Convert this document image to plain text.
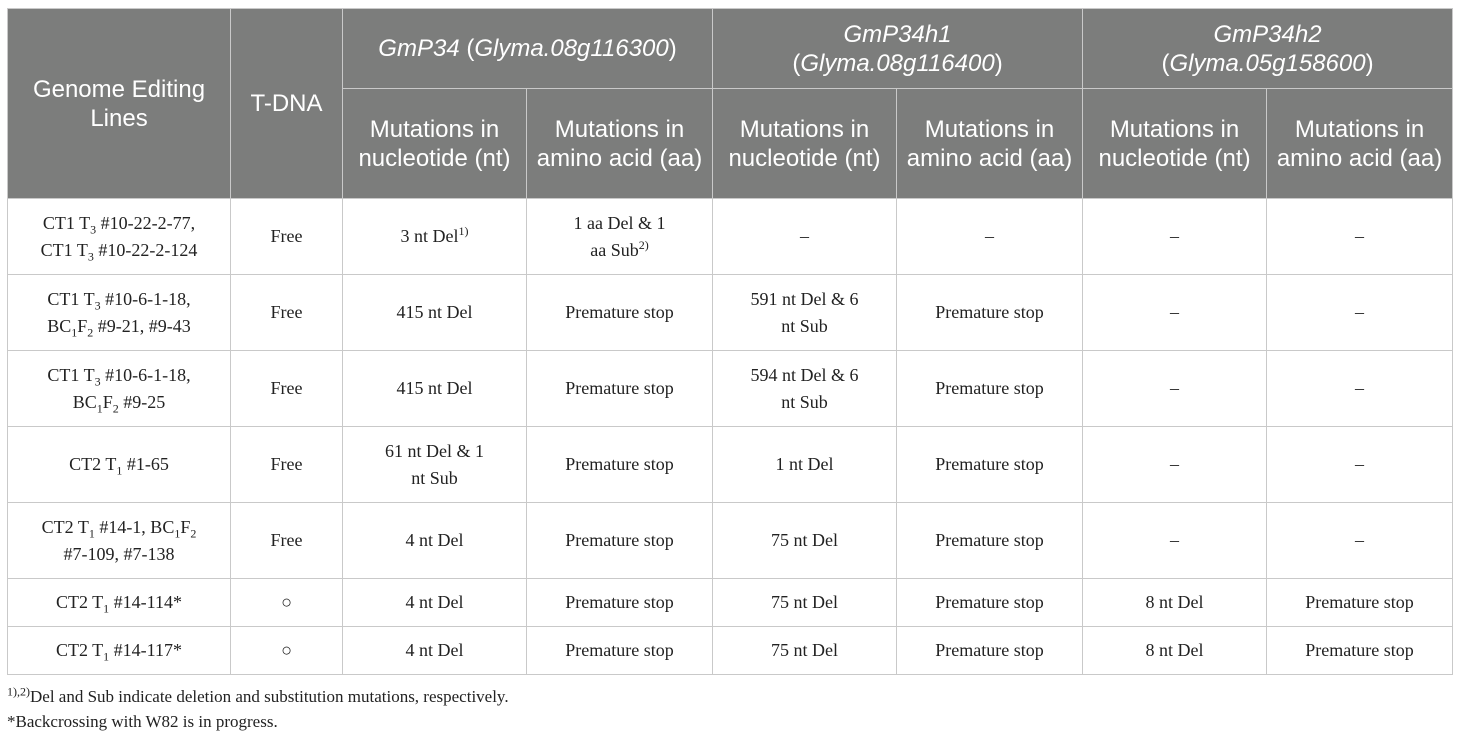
Genome Editing Lines	T-DNA	GmP34 (Glyma.08g116300)		GmP34h1
(Glyma.08g116400)		GmP34h2
(Glyma.05g158600)	
		Mutations in nucleotide (nt)	Mutations in amino acid (aa)	Mutations in nucleotide (nt)	Mutations in amino acid (aa)	Mutations in nucleotide (nt)	Mutations in amino acid (aa)
CT1 $T_3$ #10-22-2-77,
CT1 $T_3$ #10-22-2-124	Free	3 nt Del$^{1)}$	1 aa Del & 1
aa Sub$^{2)}$	–	–	–	–
CT1 $T_3$ #10-6-1-18,
$BC_1F_2$ #9-21, #9-43	Free	415 nt Del	Premature stop	591 nt Del & 6
nt Sub	Premature stop	–	–
CT1 $T_3$ #10-6-1-18,
$BC_1F_2$ #9-25	Free	415 nt Del	Premature stop	594 nt Del & 6
nt Sub	Premature stop	–	–
CT2 $T_1$ #1-65	Free	61 nt Del & 1
nt Sub	Premature stop	1 nt Del	Premature stop	–	–
CT2 $T_1$ #14-1, $BC_1F_2$
#7-109, #7-138	Free	4 nt Del	Premature stop	75 nt Del	Premature stop	–	–
CT2 $T_1$ #14-114*	○	4 nt Del	Premature stop	75 nt Del	Premature stop	8 nt Del	Premature stop
CT2 $T_1$ #14-117*	○	4 nt Del	Premature stop	75 nt Del	Premature stop	8 nt Del	Premature stop
$^{1),2)}$Del and Sub indicate deletion and substitution mutations, respectively.
*Backcrossing with W82 is in progress.
